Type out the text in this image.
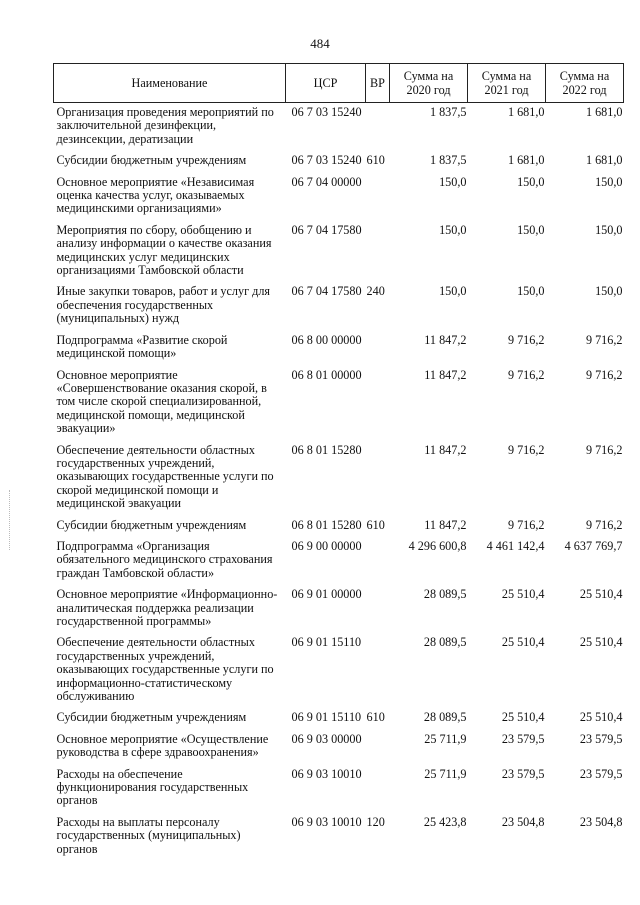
484
Наименование	ЦСР	ВР	Сумма на 2020 год	Сумма на 2021 год	Сумма на 2022 год
Организация проведения мероприятий по заключительной дезинфекции, дезинсекции, дератизации	06 7 03 15240		1 837,5	1 681,0	1 681,0
Субсидии бюджетным учреждениям	06 7 03 15240	610	1 837,5	1 681,0	1 681,0
Основное мероприятие «Независимая оценка качества услуг, оказываемых медицинскими организациями»	06 7 04 00000		150,0	150,0	150,0
Мероприятия по сбору, обобщению и анализу информации о качестве оказания медицинских услуг медицинских организациями Тамбовской области	06 7 04 17580		150,0	150,0	150,0
Иные закупки товаров, работ и услуг для обеспечения государственных (муниципальных) нужд	06 7 04 17580	240	150,0	150,0	150,0
Подпрограмма «Развитие скорой медицинской помощи»	06 8 00 00000		11 847,2	9 716,2	9 716,2
Основное мероприятие «Совершенствование оказания скорой, в том числе скорой специализированной, медицинской помощи, медицинской эвакуации»	06 8 01 00000		11 847,2	9 716,2	9 716,2
Обеспечение деятельности областных государственных учреждений, оказывающих государственные услуги по скорой медицинской помощи и медицинской эвакуации	06 8 01 15280		11 847,2	9 716,2	9 716,2
Субсидии бюджетным учреждениям	06 8 01 15280	610	11 847,2	9 716,2	9 716,2
Подпрограмма «Организация обязательного медицинского страхования граждан Тамбовской области»	06 9 00 00000		4 296 600,8	4 461 142,4	4 637 769,7
Основное мероприятие «Информационно-аналитическая поддержка реализации государственной программы»	06 9 01 00000		28 089,5	25 510,4	25 510,4
Обеспечение деятельности областных государственных учреждений, оказывающих государственные услуги по информационно-статистическому обслуживанию	06 9 01 15110		28 089,5	25 510,4	25 510,4
Субсидии бюджетным учреждениям	06 9 01 15110	610	28 089,5	25 510,4	25 510,4
Основное мероприятие «Осуществление руководства в сфере здравоохранения»	06 9 03 00000		25 711,9	23 579,5	23 579,5
Расходы на обеспечение функционирования государственных органов	06 9 03 10010		25 711,9	23 579,5	23 579,5
Расходы на выплаты персоналу государственных (муниципальных) органов	06 9 03 10010	120	25 423,8	23 504,8	23 504,8
